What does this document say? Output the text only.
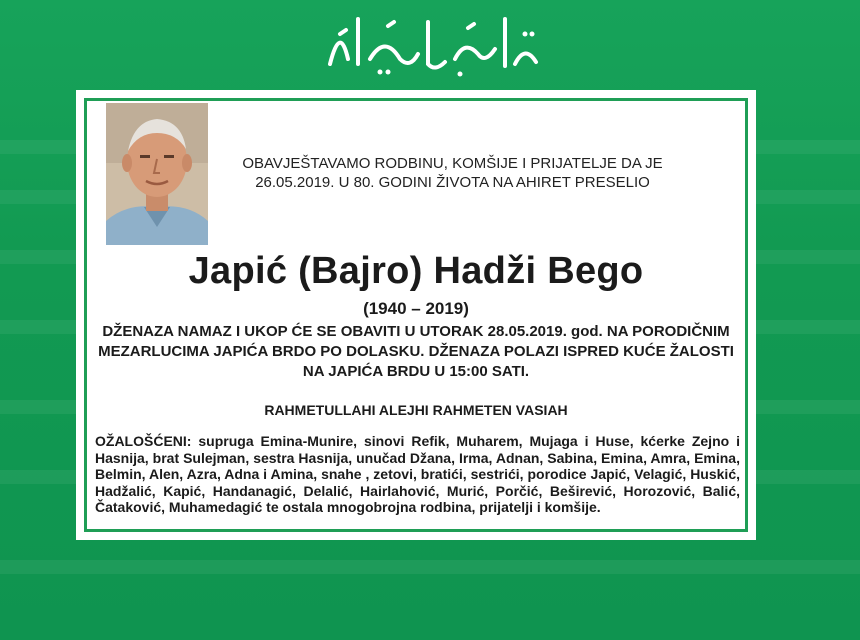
OBAVJEŠTAVAMO RODBINU, KOMŠIJE I PRIJATELJE DA JE 26.05.2019. U 80. GODINI ŽIVOTA NA AHIRET PRESELIO
Japić (Bajro) Hadži Bego
(1940 – 2019)
DŽENAZA NAMAZ I UKOP ĆE SE OBAVITI U UTORAK 28.05.2019. god. NA PORODIČNIM MEZARLUCIMA JAPIĆA BRDO PO DOLASKU. DŽENAZA POLAZI ISPRED KUĆE ŽALOSTI NA JAPIĆA BRDU U 15:00 SATI.
RAHMETULLAHI ALEJHI RAHMETEN VASIAH
OŽALOŠĆENI: supruga Emina-Munire, sinovi Refik, Muharem, Mujaga i Huse, kćerke Zejno i Hasnija, brat Sulejman, sestra Hasnija, unučad Džana, Irma, Adnan, Sabina, Emina, Amra, Emina, Belmin, Alen, Azra, Adna i Amina, snahe , zetovi, bratići, sestrići, porodice Japić, Velagić, Huskić, Hadžalić, Kapić, Handanagić, Delalić, Hairlahović, Murić, Porčić, Beširević, Horozović, Balić, Čataković, Muhamedagić te ostala mnogobrojna rodbina, prijatelji i komšije.
